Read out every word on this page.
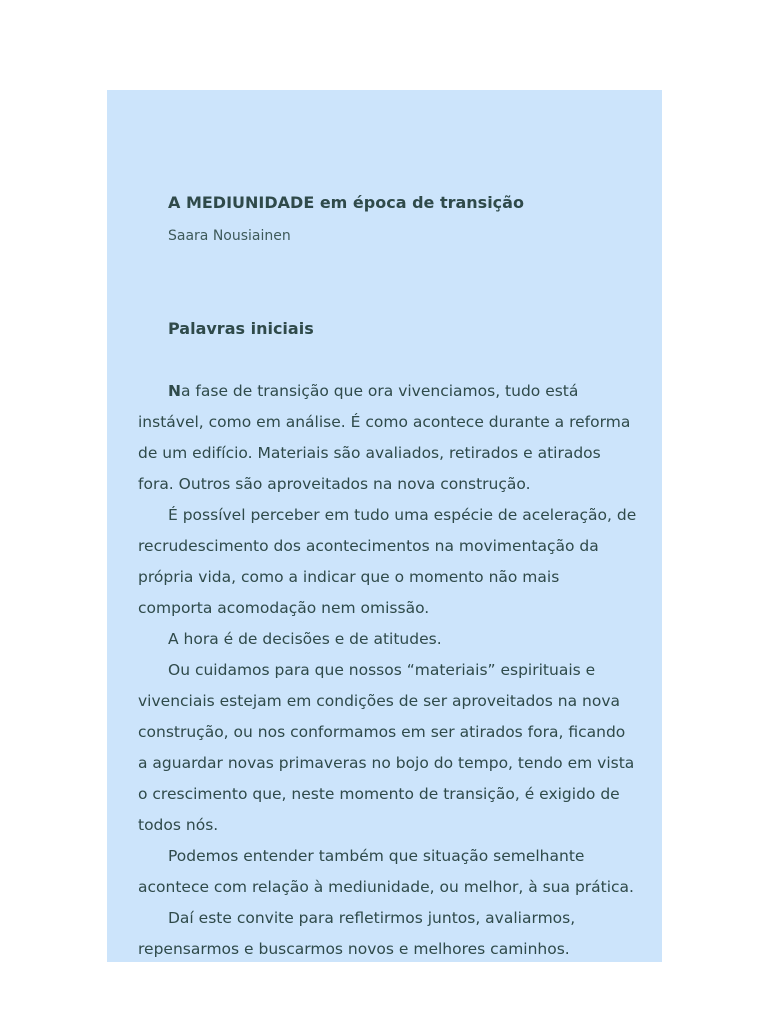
A MEDIUNIDADE em época de transição
Saara Nousiainen
Palavras iniciais

Na fase de transição que ora vivenciamos, tudo está instável, como em análise. É como acontece durante a reforma de um edifício. Materiais são avaliados, retirados e atirados fora. Outros são aproveitados na nova construção.

É possível perceber em tudo uma espécie de aceleração, de recrudescimento dos acontecimentos na movimentação da própria vida, como a indicar que o momento não mais comporta acomodação nem omissão.

A hora é de decisões e de atitudes.

Ou cuidamos para que nossos “materiais” espirituais e vivenciais estejam em condições de ser aproveitados na nova construção, ou nos conformamos em ser atirados fora, ficando a aguardar novas primaveras no bojo do tempo, tendo em vista o crescimento que, neste momento de transição, é exigido de todos nós.

Podemos entender também que situação semelhante acontece com relação à mediunidade, ou melhor, à sua prática.

Daí este convite para refletirmos juntos, avaliarmos, repensarmos e buscarmos novos e melhores caminhos.
